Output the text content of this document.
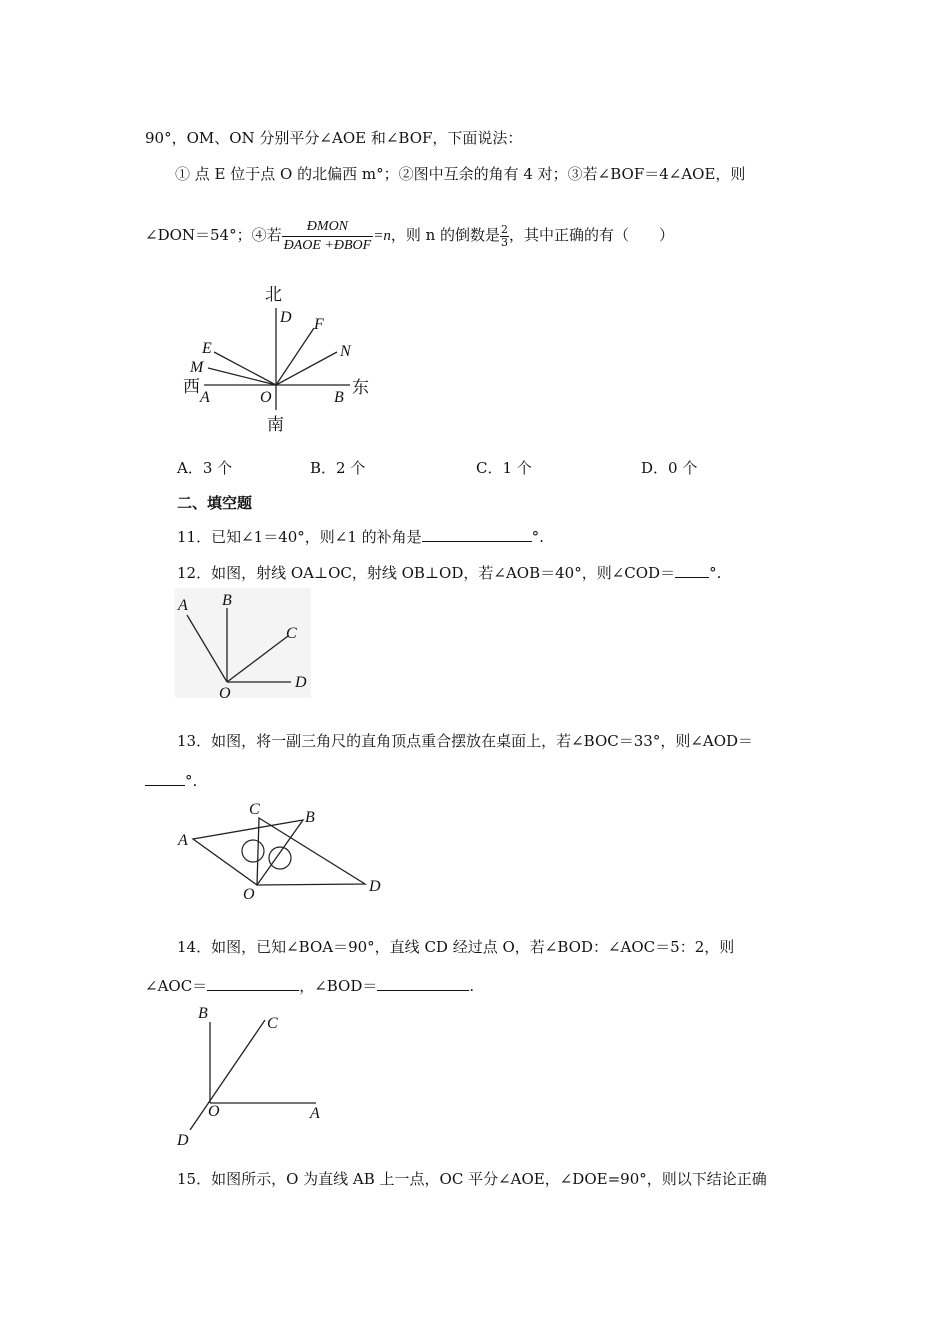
90°，OM、ON 分别平分∠AOE 和∠BOF，下面说法：
① 点 E 位于点 O 的北偏西 m°；②图中互余的角有 4 对；③若∠BOF＝4∠AOE，则
∠DON＝54°；④若 $\frac{\text{ĐMON}}{\text{ĐAOE +ĐBOF}} =n$，则 n 的倒数是 $\frac{2}{3}$ ，其中正确的有（　　）
北
南
西	东
D F
E	N
M
A	O	B
A．3 个	B．2 个	C．1 个	D．0 个
二、填空题
11．已知∠1＝40°，则∠1 的补角是	°.
12．如图，射线 OA⊥OC，射线 OB⊥OD，若∠AOB＝40°，则∠COD＝ °.
A B
C
O
D
13．如图，将一副三角尺的直角顶点重合摆放在桌面上，若∠BOC＝33°，则∠AOD＝
°.
A
B
C
O	D
14．如图，已知∠BOA＝90°，直线 CD 经过点 O，若∠BOD：∠AOC＝5：2，则
∠AOC＝	，∠BOD＝	.
B
C
O	A
D
15．如图所示，O 为直线 AB 上一点，OC 平分∠AOE，∠DOE=90°，则以下结论正确
